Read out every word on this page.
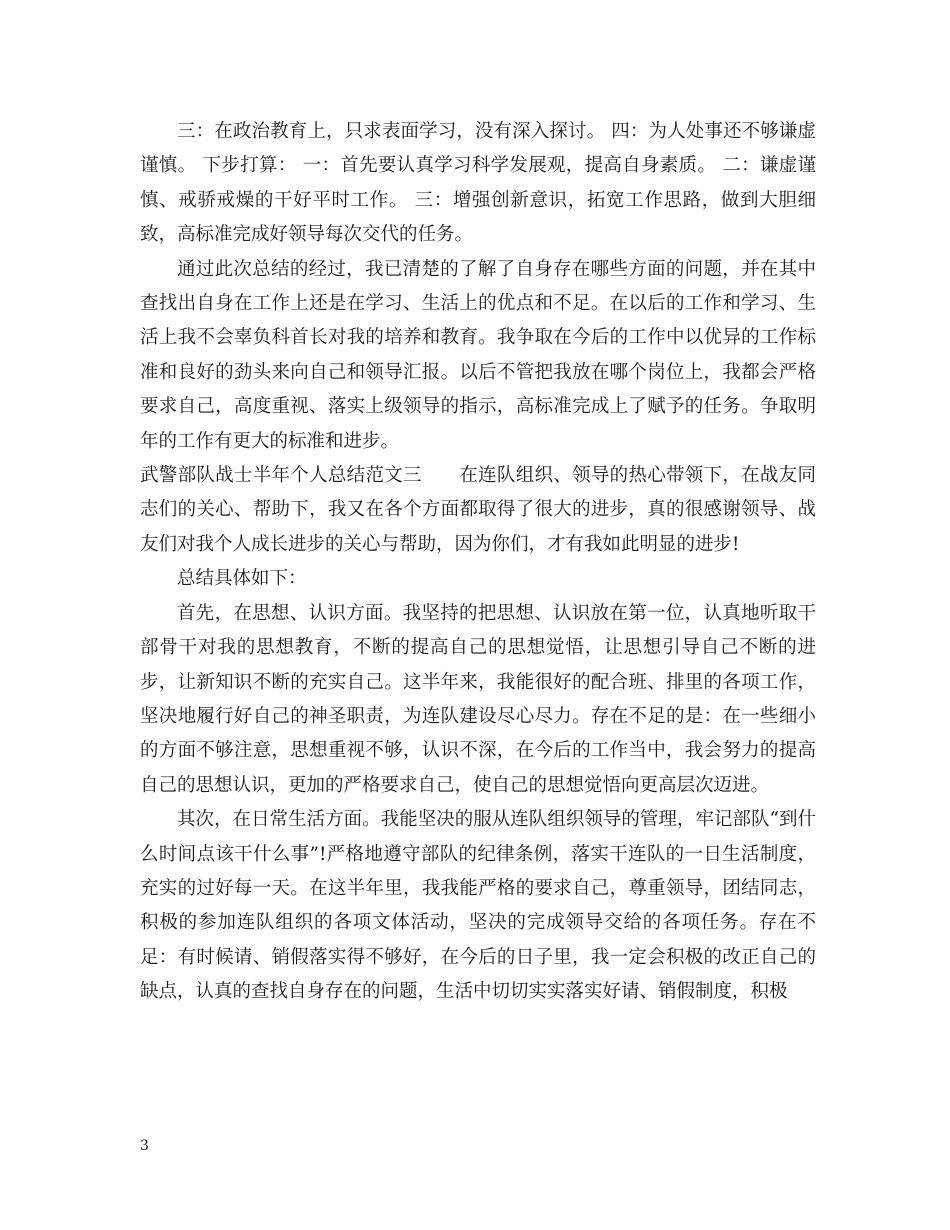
三：在政治教育上，只求表面学习，没有深入探讨。 四：为人处事还不够谦虚谨慎。 下步打算： 一：首先要认真学习科学发展观，提高自身素质。 二：谦虚谨慎、戒骄戒燥的干好平时工作。 三：增强创新意识，拓宽工作思路，做到大胆细致，高标准完成好领导每次交代的任务。

通过此次总结的经过，我已清楚的了解了自身存在哪些方面的问题，并在其中查找出自身在工作上还是在学习、生活上的优点和不足。在以后的工作和学习、生活上我不会辜负科首长对我的培养和教育。我争取在今后的工作中以优异的工作标准和良好的劲头来向自己和领导汇报。以后不管把我放在哪个岗位上，我都会严格要求自己，高度重视、落实上级领导的指示，高标准完成上了赋予的任务。争取明年的工作有更大的标准和进步。

武警部队战士半年个人总结范文三　　在连队组织、领导的热心带领下，在战友同志们的关心、帮助下，我又在各个方面都取得了很大的进步，真的很感谢领导、战友们对我个人成长进步的关心与帮助，因为你们，才有我如此明显的进步!

总结具体如下：

首先，在思想、认识方面。我坚持的把思想、认识放在第一位，认真地听取干部骨干对我的思想教育，不断的提高自己的思想觉悟，让思想引导自己不断的进步，让新知识不断的充实自己。这半年来，我能很好的配合班、排里的各项工作，坚决地履行好自己的神圣职责，为连队建设尽心尽力。存在不足的是：在一些细小的方面不够注意，思想重视不够，认识不深，在今后的工作当中，我会努力的提高自己的思想认识，更加的严格要求自己，使自己的思想觉悟向更高层次迈进。

其次，在日常生活方面。我能坚决的服从连队组织领导的管理，牢记部队“到什么时间点该干什么事”!严格地遵守部队的纪律条例，落实干连队的一日生活制度，充实的过好每一天。在这半年里，我我能严格的要求自己，尊重领导，团结同志，积极的参加连队组织的各项文体活动，坚决的完成领导交给的各项任务。存在不足：有时候请、销假落实得不够好，在今后的日子里，我一定会积极的改正自己的缺点，认真的查找自身存在的问题，生活中切切实实落实好请、销假制度，积极

3
